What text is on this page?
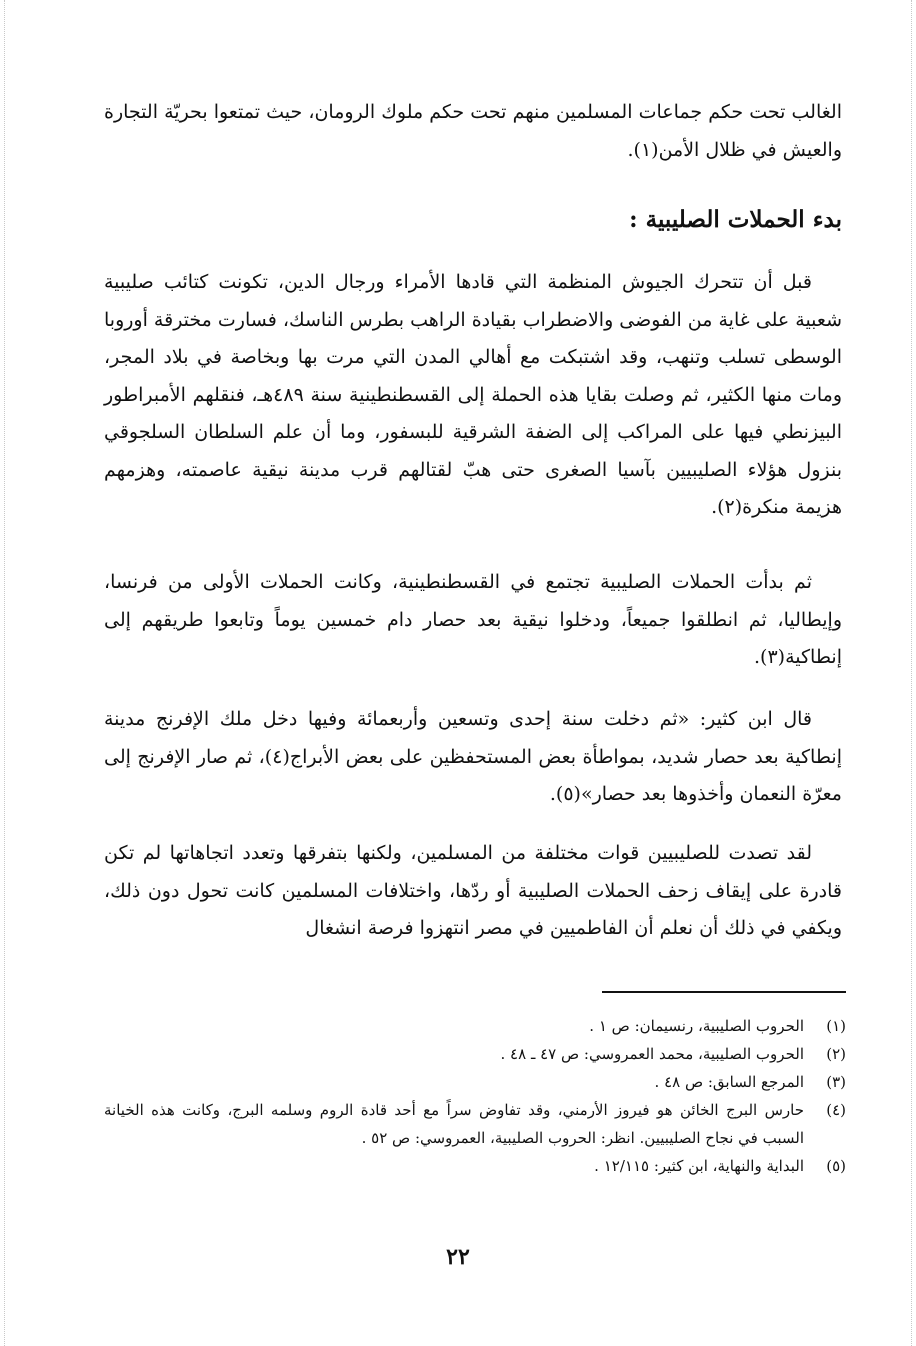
الغالب تحت حكم جماعات المسلمين منهم تحت حكم ملوك الرومان، حيث تمتعوا بحريّة التجارة والعيش في ظلال الأمن(١).

بدء الحملات الصليبية :

قبل أن تتحرك الجيوش المنظمة التي قادها الأمراء ورجال الدين، تكونت كتائب صليبية شعبية على غاية من الفوضى والاضطراب بقيادة الراهب بطرس الناسك، فسارت مخترقة أوروبا الوسطى تسلب وتنهب، وقد اشتبكت مع أهالي المدن التي مرت بها وبخاصة في بلاد المجر، ومات منها الكثير، ثم وصلت بقايا هذه الحملة إلى القسطنطينية سنة ٤٨٩هـ، فنقلهم الأمبراطور البيزنطي فيها على المراكب إلى الضفة الشرقية للبسفور، وما أن علم السلطان السلجوقي بنزول هؤلاء الصليبيين بآسيا الصغرى حتى هبّ لقتالهم قرب مدينة نيقية عاصمته، وهزمهم هزيمة منكرة(٢).

ثم بدأت الحملات الصليبية تجتمع في القسطنطينية، وكانت الحملات الأولى من فرنسا، وإيطاليا، ثم انطلقوا جميعاً، ودخلوا نيقية بعد حصار دام خمسين يوماً وتابعوا طريقهم إلى إنطاكية(٣).

قال ابن كثير: «ثم دخلت سنة إحدى وتسعين وأربعمائة وفيها دخل ملك الإفرنج مدينة إنطاكية بعد حصار شديد، بمواطأة بعض المستحفظين على بعض الأبراج(٤)، ثم صار الإفرنج إلى معرّة النعمان وأخذوها بعد حصار»(٥).

لقد تصدت للصليبيين قوات مختلفة من المسلمين، ولكنها بتفرقها وتعدد اتجاهاتها لم تكن قادرة على إيقاف زحف الحملات الصليبية أو ردّها، واختلافات المسلمين كانت تحول دون ذلك، ويكفي في ذلك أن نعلم أن الفاطميين في مصر انتهزوا فرصة انشغال

(١)
الحروب الصليبية، رنسيمان: ص ١ .
(٢)
الحروب الصليبية، محمد العمروسي: ص ٤٧ ـ ٤٨ .
(٣)
المرجع السابق: ص ٤٨ .
(٤)
حارس البرج الخائن هو فيروز الأرمني، وقد تفاوض سراً مع أحد قادة الروم وسلمه البرج، وكانت هذه الخيانة السبب في نجاح الصليبيين. انظر: الحروب الصليبية، العمروسي: ص ٥٢ .
(٥)
البداية والنهاية، ابن كثير: ١٢/١١٥ .
٢٢
